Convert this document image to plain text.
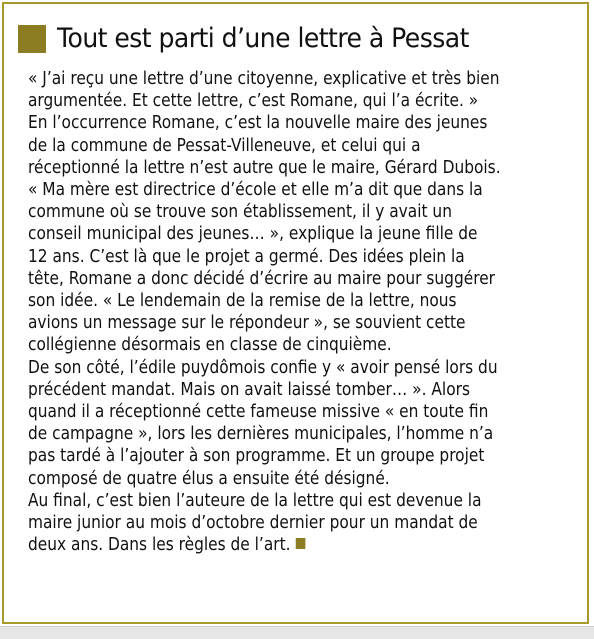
Tout est parti d’une lettre à Pessat
« J’ai reçu une lettre d’une citoyenne, explicative et très bien
argumentée. Et cette lettre, c’est Romane, qui l’a écrite. »
En l’occurrence Romane, c’est la nouvelle maire des jeunes
de la commune de Pessat-Villeneuve, et celui qui a
réceptionné la lettre n’est autre que le maire, Gérard Dubois.
« Ma mère est directrice d’école et elle m’a dit que dans la
commune où se trouve son établissement, il y avait un
conseil municipal des jeunes… », explique la jeune fille de
12 ans. C’est là que le projet a germé. Des idées plein la
tête, Romane a donc décidé d’écrire au maire pour suggérer
son idée. « Le lendemain de la remise de la lettre, nous
avions un message sur le répondeur », se souvient cette
collégienne désormais en classe de cinquième.
De son côté, l’édile puydômois confie y « avoir pensé lors du
précédent mandat. Mais on avait laissé tomber… ». Alors
quand il a réceptionné cette fameuse missive « en toute fin
de campagne », lors les dernières municipales, l’homme n’a
pas tardé à l’ajouter à son programme. Et un groupe projet
composé de quatre élus a ensuite été désigné.
Au final, c’est bien l’auteure de la lettre qui est devenue la
maire junior au mois d’octobre dernier pour un mandat de
deux ans. Dans les règles de l’art.
